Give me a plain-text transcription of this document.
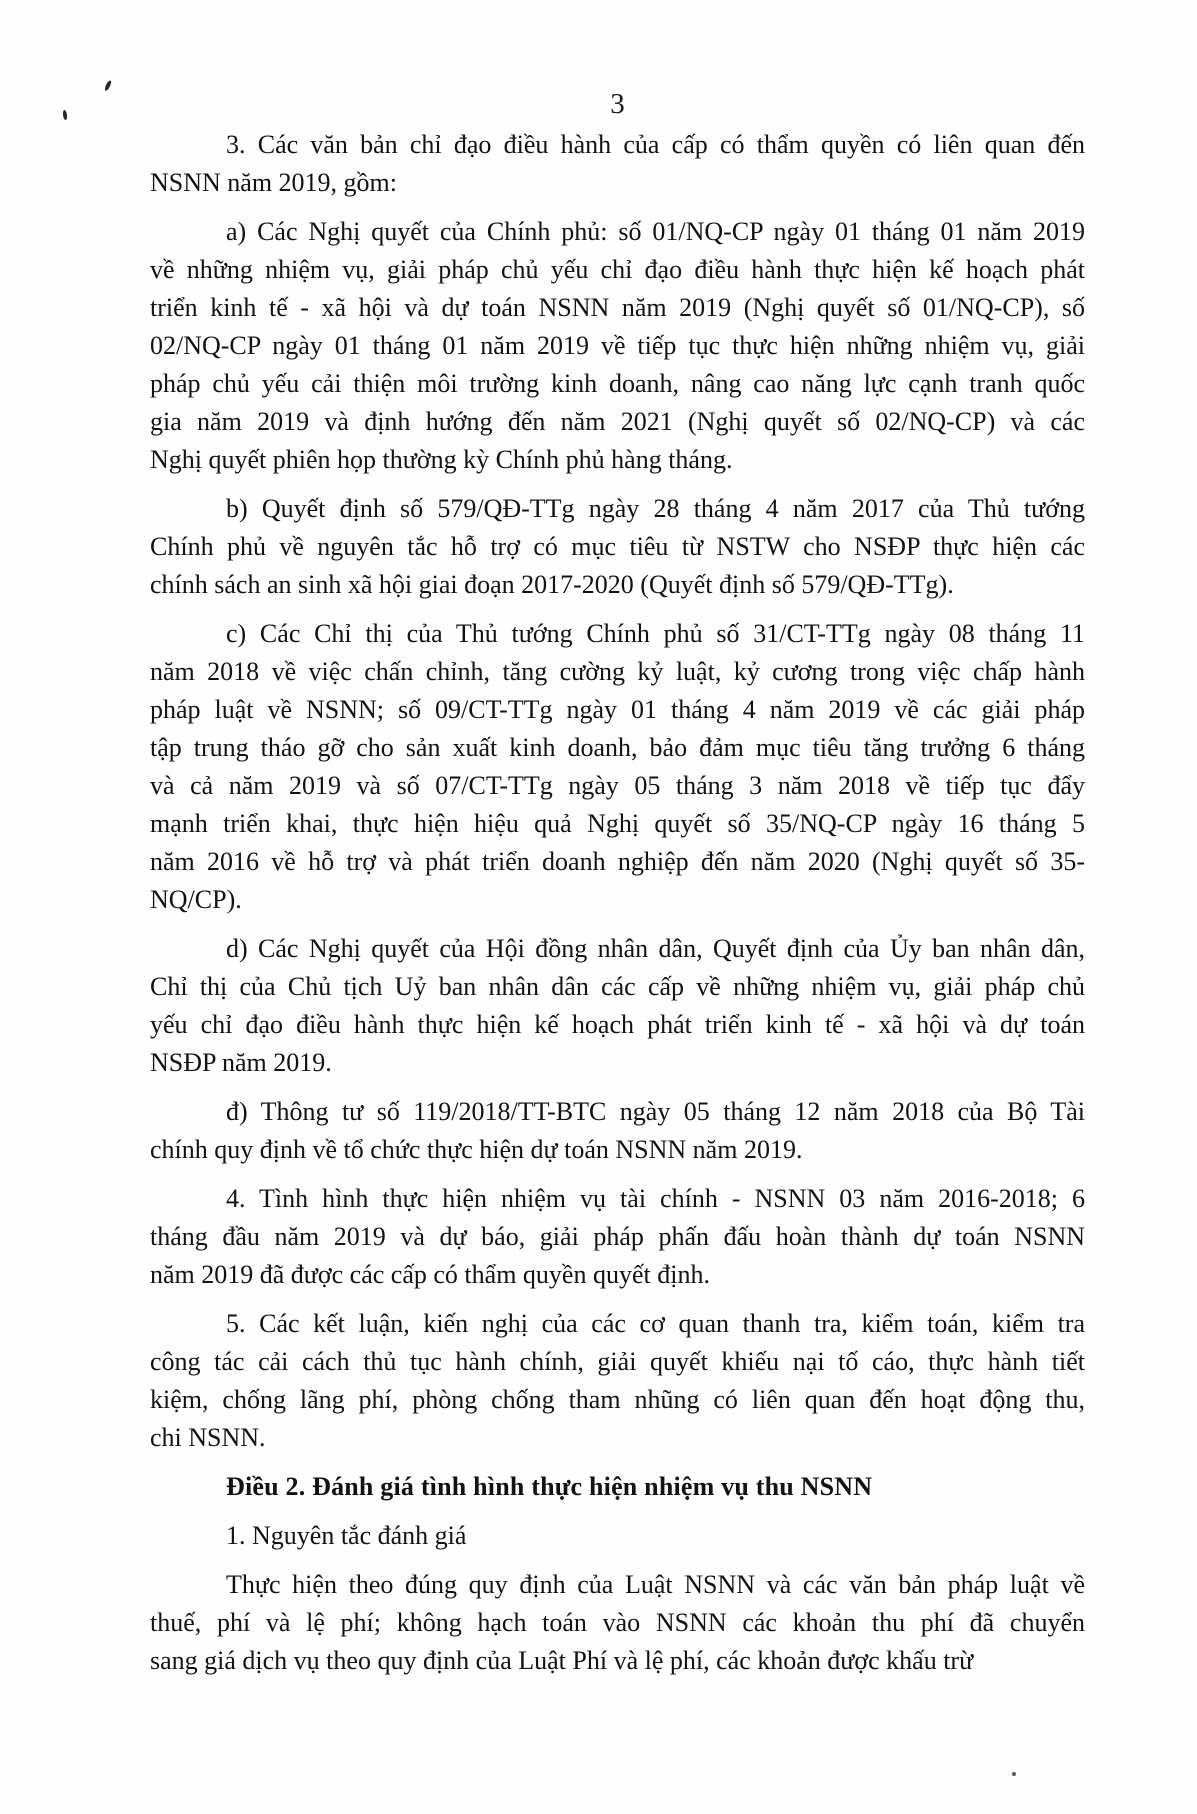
3

3. Các văn bản chỉ đạo điều hành của cấp có thẩm quyền có liên quan đến
NSNN năm 2019, gồm:

a) Các Nghị quyết của Chính phủ: số 01/NQ-CP ngày 01 tháng 01 năm 2019
về những nhiệm vụ, giải pháp chủ yếu chỉ đạo điều hành thực hiện kế hoạch phát
triển kinh tế - xã hội và dự toán NSNN năm 2019 (Nghị quyết số 01/NQ-CP), số
02/NQ-CP ngày 01 tháng 01 năm 2019 về tiếp tục thực hiện những nhiệm vụ, giải
pháp chủ yếu cải thiện môi trường kinh doanh, nâng cao năng lực cạnh tranh quốc
gia năm 2019 và định hướng đến năm 2021 (Nghị quyết số 02/NQ-CP) và các
Nghị quyết phiên họp thường kỳ Chính phủ hàng tháng.

b) Quyết định số 579/QĐ-TTg ngày 28 tháng 4 năm 2017 của Thủ tướng
Chính phủ về nguyên tắc hỗ trợ có mục tiêu từ NSTW cho NSĐP thực hiện các
chính sách an sinh xã hội giai đoạn 2017-2020 (Quyết định số 579/QĐ-TTg).

c) Các Chỉ thị của Thủ tướng Chính phủ số 31/CT-TTg ngày 08 tháng 11
năm 2018 về việc chấn chỉnh, tăng cường kỷ luật, kỷ cương trong việc chấp hành
pháp luật về NSNN; số 09/CT-TTg ngày 01 tháng 4 năm 2019 về các giải pháp
tập trung tháo gỡ cho sản xuất kinh doanh, bảo đảm mục tiêu tăng trưởng 6 tháng
và cả năm 2019 và số 07/CT-TTg ngày 05 tháng 3 năm 2018 về tiếp tục đẩy
mạnh triển khai, thực hiện hiệu quả Nghị quyết số 35/NQ-CP ngày 16 tháng 5
năm 2016 về hỗ trợ và phát triển doanh nghiệp đến năm 2020 (Nghị quyết số 35-
NQ/CP).

d) Các Nghị quyết của Hội đồng nhân dân, Quyết định của Ủy ban nhân dân,
Chỉ thị của Chủ tịch Uỷ ban nhân dân các cấp về những nhiệm vụ, giải pháp chủ
yếu chỉ đạo điều hành thực hiện kế hoạch phát triển kinh tế - xã hội và dự toán
NSĐP năm 2019.

đ) Thông tư số 119/2018/TT-BTC ngày 05 tháng 12 năm 2018 của Bộ Tài
chính quy định về tổ chức thực hiện dự toán NSNN năm 2019.

4. Tình hình thực hiện nhiệm vụ tài chính - NSNN 03 năm 2016-2018; 6
tháng đầu năm 2019 và dự báo, giải pháp phấn đấu hoàn thành dự toán NSNN
năm 2019 đã được các cấp có thẩm quyền quyết định.

5. Các kết luận, kiến nghị của các cơ quan thanh tra, kiểm toán, kiểm tra
công tác cải cách thủ tục hành chính, giải quyết khiếu nại tố cáo, thực hành tiết
kiệm, chống lãng phí, phòng chống tham nhũng có liên quan đến hoạt động thu,
chi NSNN.

Điều 2. Đánh giá tình hình thực hiện nhiệm vụ thu NSNN

1. Nguyên tắc đánh giá

Thực hiện theo đúng quy định của Luật NSNN và các văn bản pháp luật về
thuế, phí và lệ phí; không hạch toán vào NSNN các khoản thu phí đã chuyển
sang giá dịch vụ theo quy định của Luật Phí và lệ phí, các khoản được khấu trừ
